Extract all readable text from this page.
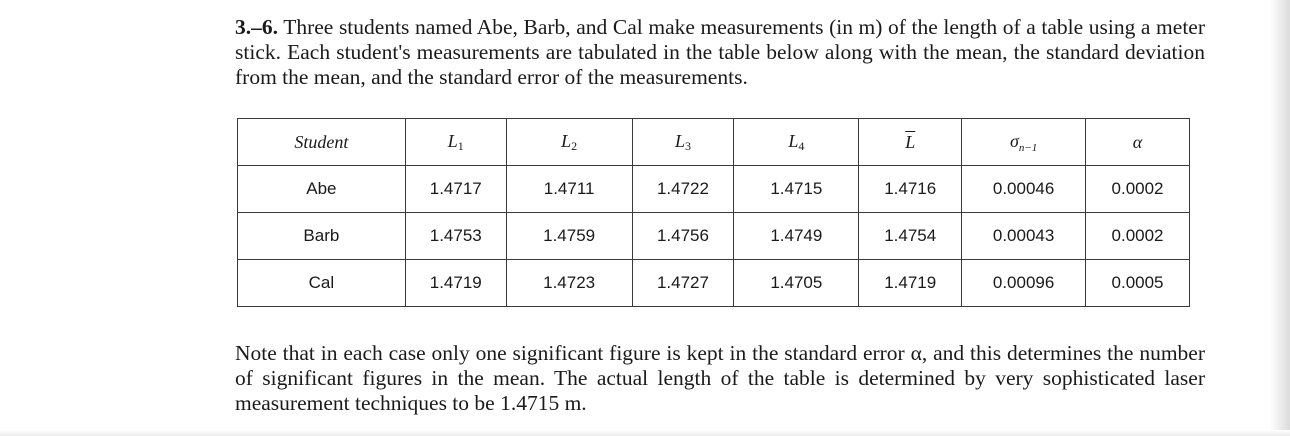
3.–6. Three students named Abe, Barb, and Cal make measurements (in m) of the length of a table using a meter stick. Each student's measurements are tabulated in the table below along with the mean, the standard deviation from the mean, and the standard error of the measurements.

Student	$L_1$	$L_2$	$L_3$	$L_4$	$\overline{L}$	$\sigma_{n-1}$	α
Abe	1.4717	1.4711	1.4722	1.4715	1.4716	0.00046	0.0002
Barb	1.4753	1.4759	1.4756	1.4749	1.4754	0.00043	0.0002
Cal	1.4719	1.4723	1.4727	1.4705	1.4719	0.00096	0.0005

Note that in each case only one significant figure is kept in the standard error α, and this determines the number of significant figures in the mean. The actual length of the table is determined by very sophisticated laser measurement techniques to be 1.4715 m.
